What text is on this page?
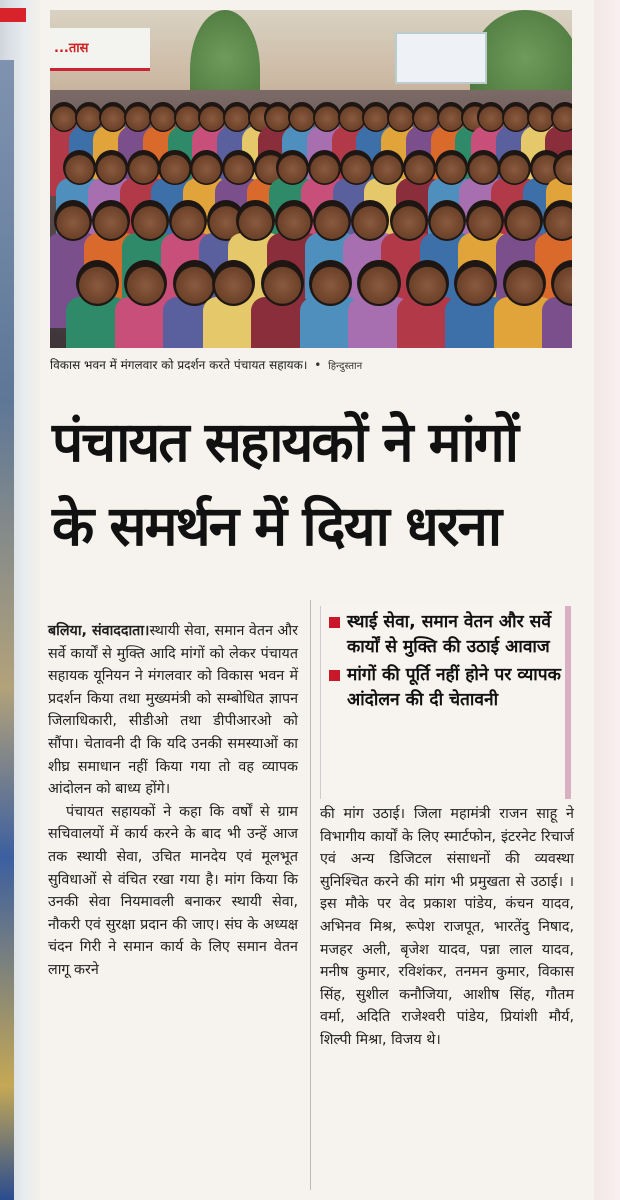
...तास
विकास भवन में मंगलवार को प्रदर्शन करते पंचायत सहायक। • हिन्दुस्तान
पंचायत सहायकों ने मांगों
के समर्थन में दिया धरना
स्थाई सेवा, समान वेतन और सर्वे कार्यों से मुक्ति की उठाई आवाज
मांगों की पूर्ति नहीं होने पर व्यापक आंदोलन की दी चेतावनी

बलिया, संवाददाता।स्थायी सेवा, समान वेतन और सर्वे कार्यों से मुक्ति आदि मांगों को लेकर पंचायत सहायक यूनियन ने मंगलवार को विकास भवन में प्रदर्शन किया तथा मुख्यमंत्री को सम्बोधित ज्ञापन जिलाधिकारी, सीडीओ तथा डीपीआरओ को सौंपा। चेतावनी दी कि यदि उनकी समस्याओं का शीघ्र समाधान नहीं किया गया तो वह व्यापक आंदोलन को बाध्य होंगे।

पंचायत सहायकों ने कहा कि वर्षों से ग्राम सचिवालयों में कार्य करने के बाद भी उन्हें आज तक स्थायी सेवा, उचित मानदेय एवं मूलभूत सुविधाओं से वंचित रखा गया है। मांग किया कि उनकी सेवा नियमावली बनाकर स्थायी सेवा, नौकरी एवं सुरक्षा प्रदान की जाए। संघ के अध्यक्ष चंदन गिरी ने समान कार्य के लिए समान वेतन लागू करने

की मांग उठाई। जिला महामंत्री राजन साहू ने विभागीय कार्यों के लिए स्मार्टफोन, इंटरनेट रिचार्ज एवं अन्य डिजिटल संसाधनों की व्यवस्था सुनिश्चित करने की मांग भी प्रमुखता से उठाई। ।इस मौके पर वेद प्रकाश पांडेय, कंचन यादव, अभिनव मिश्र, रूपेश राजपूत, भारतेंदु निषाद, मजहर अली, बृजेश यादव, पन्ना लाल यादव, मनीष कुमार, रविशंकर, तनमन कुमार, विकास सिंह, सुशील कनौजिया, आशीष सिंह, गौतम वर्मा, अदिति राजेश्वरी पांडेय, प्रियांशी मौर्य, शिल्पी मिश्रा, विजय थे।
